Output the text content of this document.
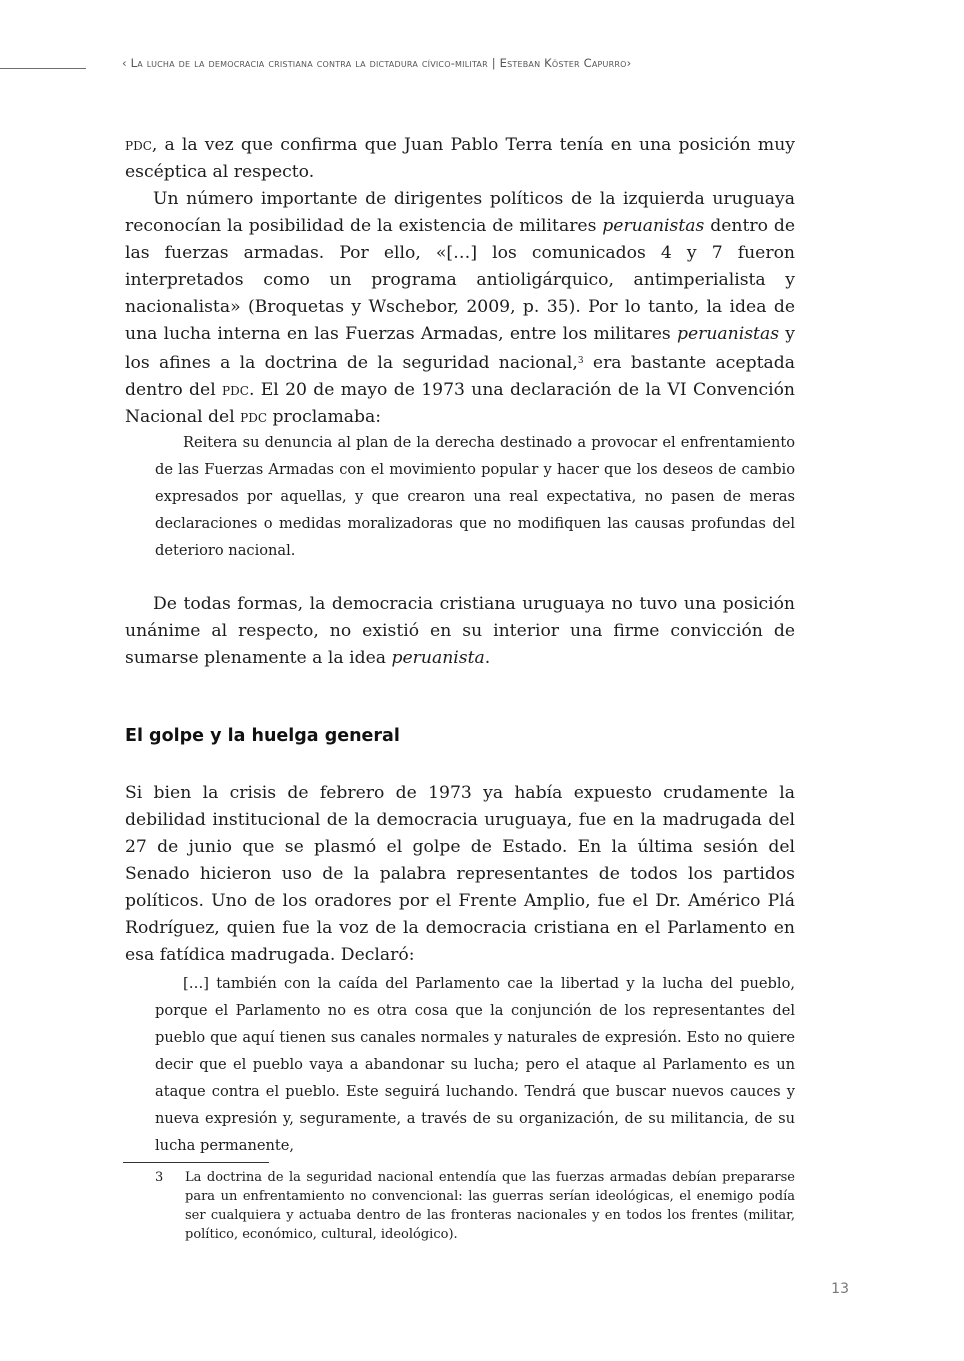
‹ La lucha de la democracia cristiana contra la dictadura cívico-militar | Esteban Köster Capurro›
pdc, a la vez que confirma que Juan Pablo Terra tenía en una posición muy escéptica al respecto.
Un número importante de dirigentes políticos de la izquierda uruguaya reconocían la posibilidad de la existencia de militares peruanistas dentro de las fuerzas armadas. Por ello, «[…] los comunicados 4 y 7 fueron interpretados como un programa antioligárquico, antimperialista y nacionalista» (Broquetas y Wschebor, 2009, p. 35). Por lo tanto, la idea de una lucha interna en las Fuerzas Armadas, entre los militares peruanistas y los afines a la doctrina de la seguridad nacional,$^3$ era bastante aceptada dentro del pdc. El 20 de mayo de 1973 una declaración de la VI Convención Nacional del pdc proclamaba:
Reitera su denuncia al plan de la derecha destinado a provocar el enfrentamiento de las Fuerzas Armadas con el movimiento popular y hacer que los deseos de cambio expresados por aquellas, y que crearon una real expectativa, no pasen de meras declaraciones o medidas moralizadoras que no modifiquen las causas profundas del deterioro nacional.
De todas formas, la democracia cristiana uruguaya no tuvo una posición unánime al respecto, no existió en su interior una firme convicción de sumarse plenamente a la idea peruanista.
El golpe y la huelga general
Si bien la crisis de febrero de 1973 ya había expuesto crudamente la debilidad institucional de la democracia uruguaya, fue en la madrugada del 27 de junio que se plasmó el golpe de Estado. En la última sesión del Senado hicieron uso de la palabra representantes de todos los partidos políticos. Uno de los oradores por el Frente Amplio, fue el Dr. Américo Plá Rodríguez, quien fue la voz de la democracia cristiana en el Parlamento en esa fatídica madrugada. Declaró:
[…] también con la caída del Parlamento cae la libertad y la lucha del pueblo, porque el Parlamento no es otra cosa que la conjunción de los representantes del pueblo que aquí tienen sus canales normales y naturales de expresión. Esto no quiere decir que el pueblo vaya a abandonar su lucha; pero el ataque al Parlamento es un ataque contra el pueblo. Este seguirá luchando. Tendrá que buscar nuevos cauces y nueva expresión y, seguramente, a través de su organización, de su militancia, de su lucha permanente,
3 La doctrina de la seguridad nacional entendía que las fuerzas armadas debían prepararse para un enfrentamiento no convencional: las guerras serían ideológicas, el enemigo podía ser cualquiera y actuaba dentro de las fronteras nacionales y en todos los frentes (militar, político, económico, cultural, ideológico).
13
